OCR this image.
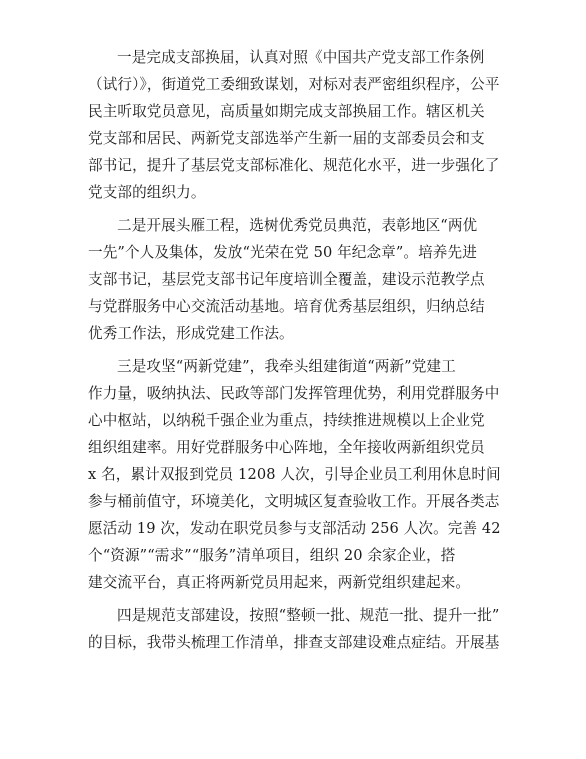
一是完成支部换届，认真对照《中国共产党支部工作条例
（试行）》，街道党工委细致谋划，对标对表严密组织程序，公平
民主听取党员意见，高质量如期完成支部换届工作。辖区机关
党支部和居民、两新党支部选举产生新一届的支部委员会和支
部书记，提升了基层党支部标准化、规范化水平，进一步强化了
党支部的组织力。
二是开展头雁工程，选树优秀党员典范，表彰地区“两优
一先”个人及集体，发放“光荣在党 50 年纪念章”。培养先进
支部书记，基层党支部书记年度培训全覆盖，建设示范教学点
与党群服务中心交流活动基地。培育优秀基层组织，归纳总结
优秀工作法，形成党建工作法。
三是攻坚“两新党建”，我牵头组建街道“两新”党建工
作力量，吸纳执法、民政等部门发挥管理优势，利用党群服务中
心中枢站，以纳税千强企业为重点，持续推进规模以上企业党
组织组建率。用好党群服务中心阵地，全年接收两新组织党员
x 名，累计双报到党员 1208 人次，引导企业员工利用休息时间
参与桶前值守，环境美化，文明城区复查验收工作。开展各类志
愿活动 19 次，发动在职党员参与支部活动 256 人次。完善 42
个“资源”“需求”“服务”清单项目，组织 20 余家企业，搭
建交流平台，真正将两新党员用起来，两新党组织建起来。
四是规范支部建设，按照“整顿一批、规范一批、提升一批”
的目标，我带头梳理工作清单，排查支部建设难点症结。开展基
